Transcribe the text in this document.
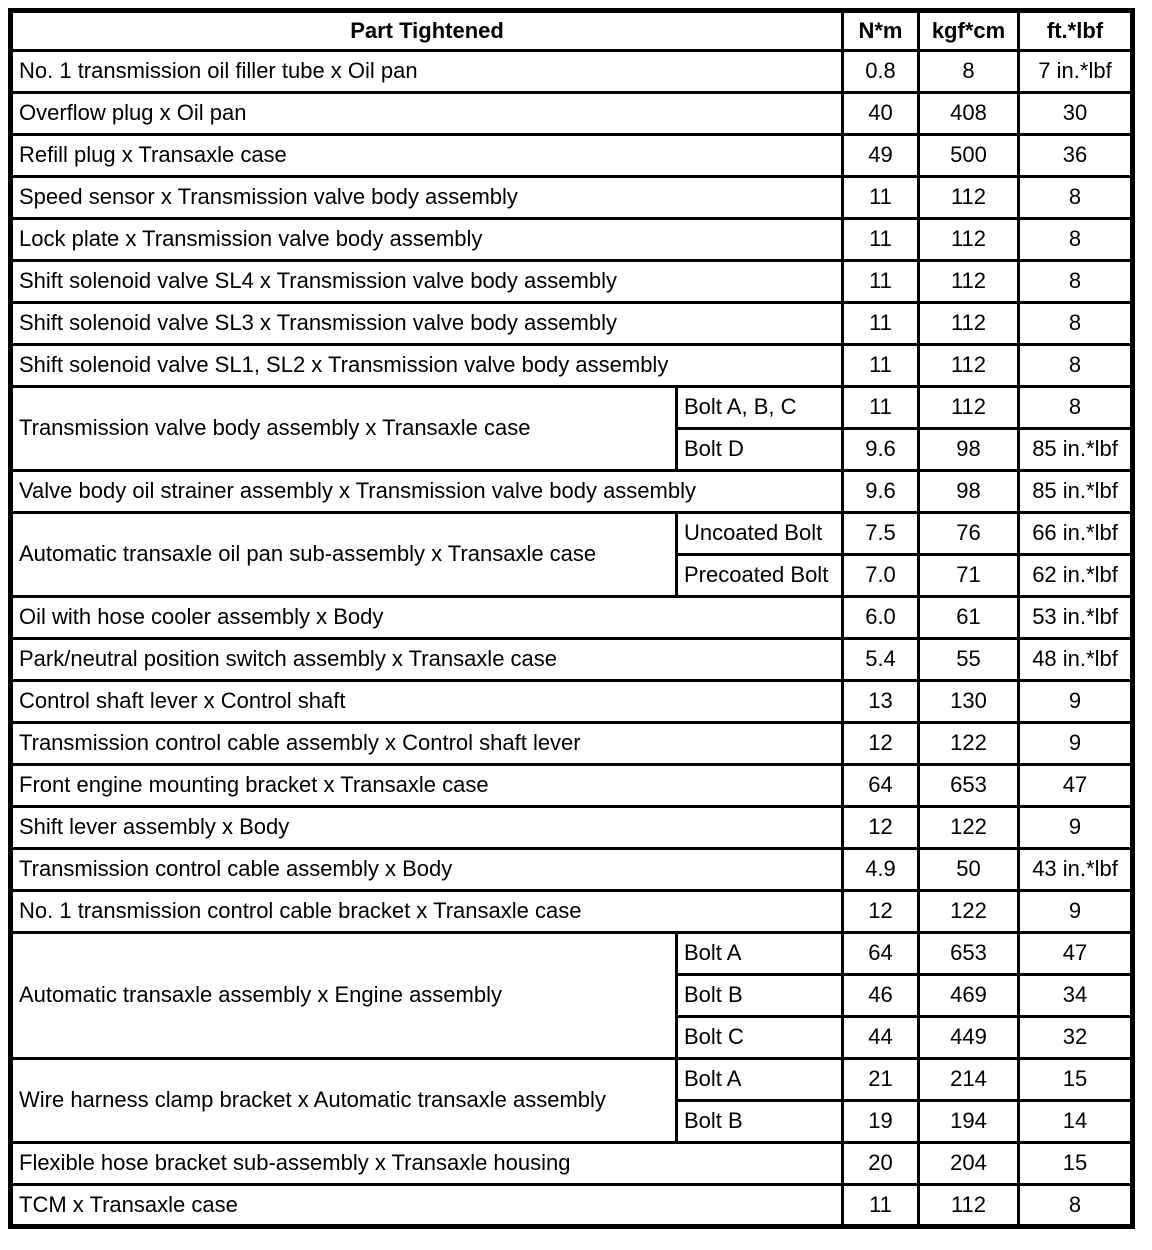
Part Tightened		N*m	kgf*cm	ft.*lbf
No. 1 transmission oil filler tube x Oil pan		0.8	8	7 in.*lbf
Overflow plug x Oil pan		40	408	30
Refill plug x Transaxle case		49	500	36
Speed sensor x Transmission valve body assembly		11	112	8
Lock plate x Transmission valve body assembly		11	112	8
Shift solenoid valve SL4 x Transmission valve body assembly		11	112	8
Shift solenoid valve SL3 x Transmission valve body assembly		11	112	8
Shift solenoid valve SL1, SL2 x Transmission valve body assembly		11	112	8
Transmission valve body assembly x Transaxle case	Bolt A, B, C	11	112	8
	Bolt D	9.6	98	85 in.*lbf
Valve body oil strainer assembly x Transmission valve body assembly		9.6	98	85 in.*lbf
Automatic transaxle oil pan sub-assembly x Transaxle case	Uncoated Bolt	7.5	76	66 in.*lbf
	Precoated Bolt	7.0	71	62 in.*lbf
Oil with hose cooler assembly x Body		6.0	61	53 in.*lbf
Park/neutral position switch assembly x Transaxle case		5.4	55	48 in.*lbf
Control shaft lever x Control shaft		13	130	9
Transmission control cable assembly x Control shaft lever		12	122	9
Front engine mounting bracket x Transaxle case		64	653	47
Shift lever assembly x Body		12	122	9
Transmission control cable assembly x Body		4.9	50	43 in.*lbf
No. 1 transmission control cable bracket x Transaxle case		12	122	9
Automatic transaxle assembly x Engine assembly	Bolt A	64	653	47
	Bolt B	46	469	34
	Bolt C	44	449	32
Wire harness clamp bracket x Automatic transaxle assembly	Bolt A	21	214	15
	Bolt B	19	194	14
Flexible hose bracket sub-assembly x Transaxle housing		20	204	15
TCM x Transaxle case		11	112	8
